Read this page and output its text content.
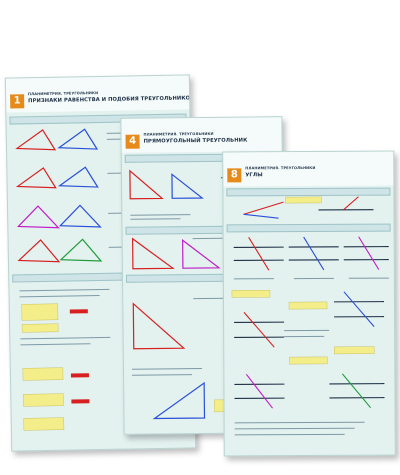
1
ПЛАНИМЕТРИЯ. ТРЕУГОЛЬНИКИ
ПРИЗНАКИ РАВЕНСТВА И ПОДОБИЯ ТРЕУГОЛЬНИКОВ
4
ПЛАНИМЕТРИЯ. ТРЕУГОЛЬНИКИ
ПРЯМОУГОЛЬНЫЙ ТРЕУГОЛЬНИК
8
ПЛАНИМЕТРИЯ. ТРЕУГОЛЬНИКИ
УГЛЫ
